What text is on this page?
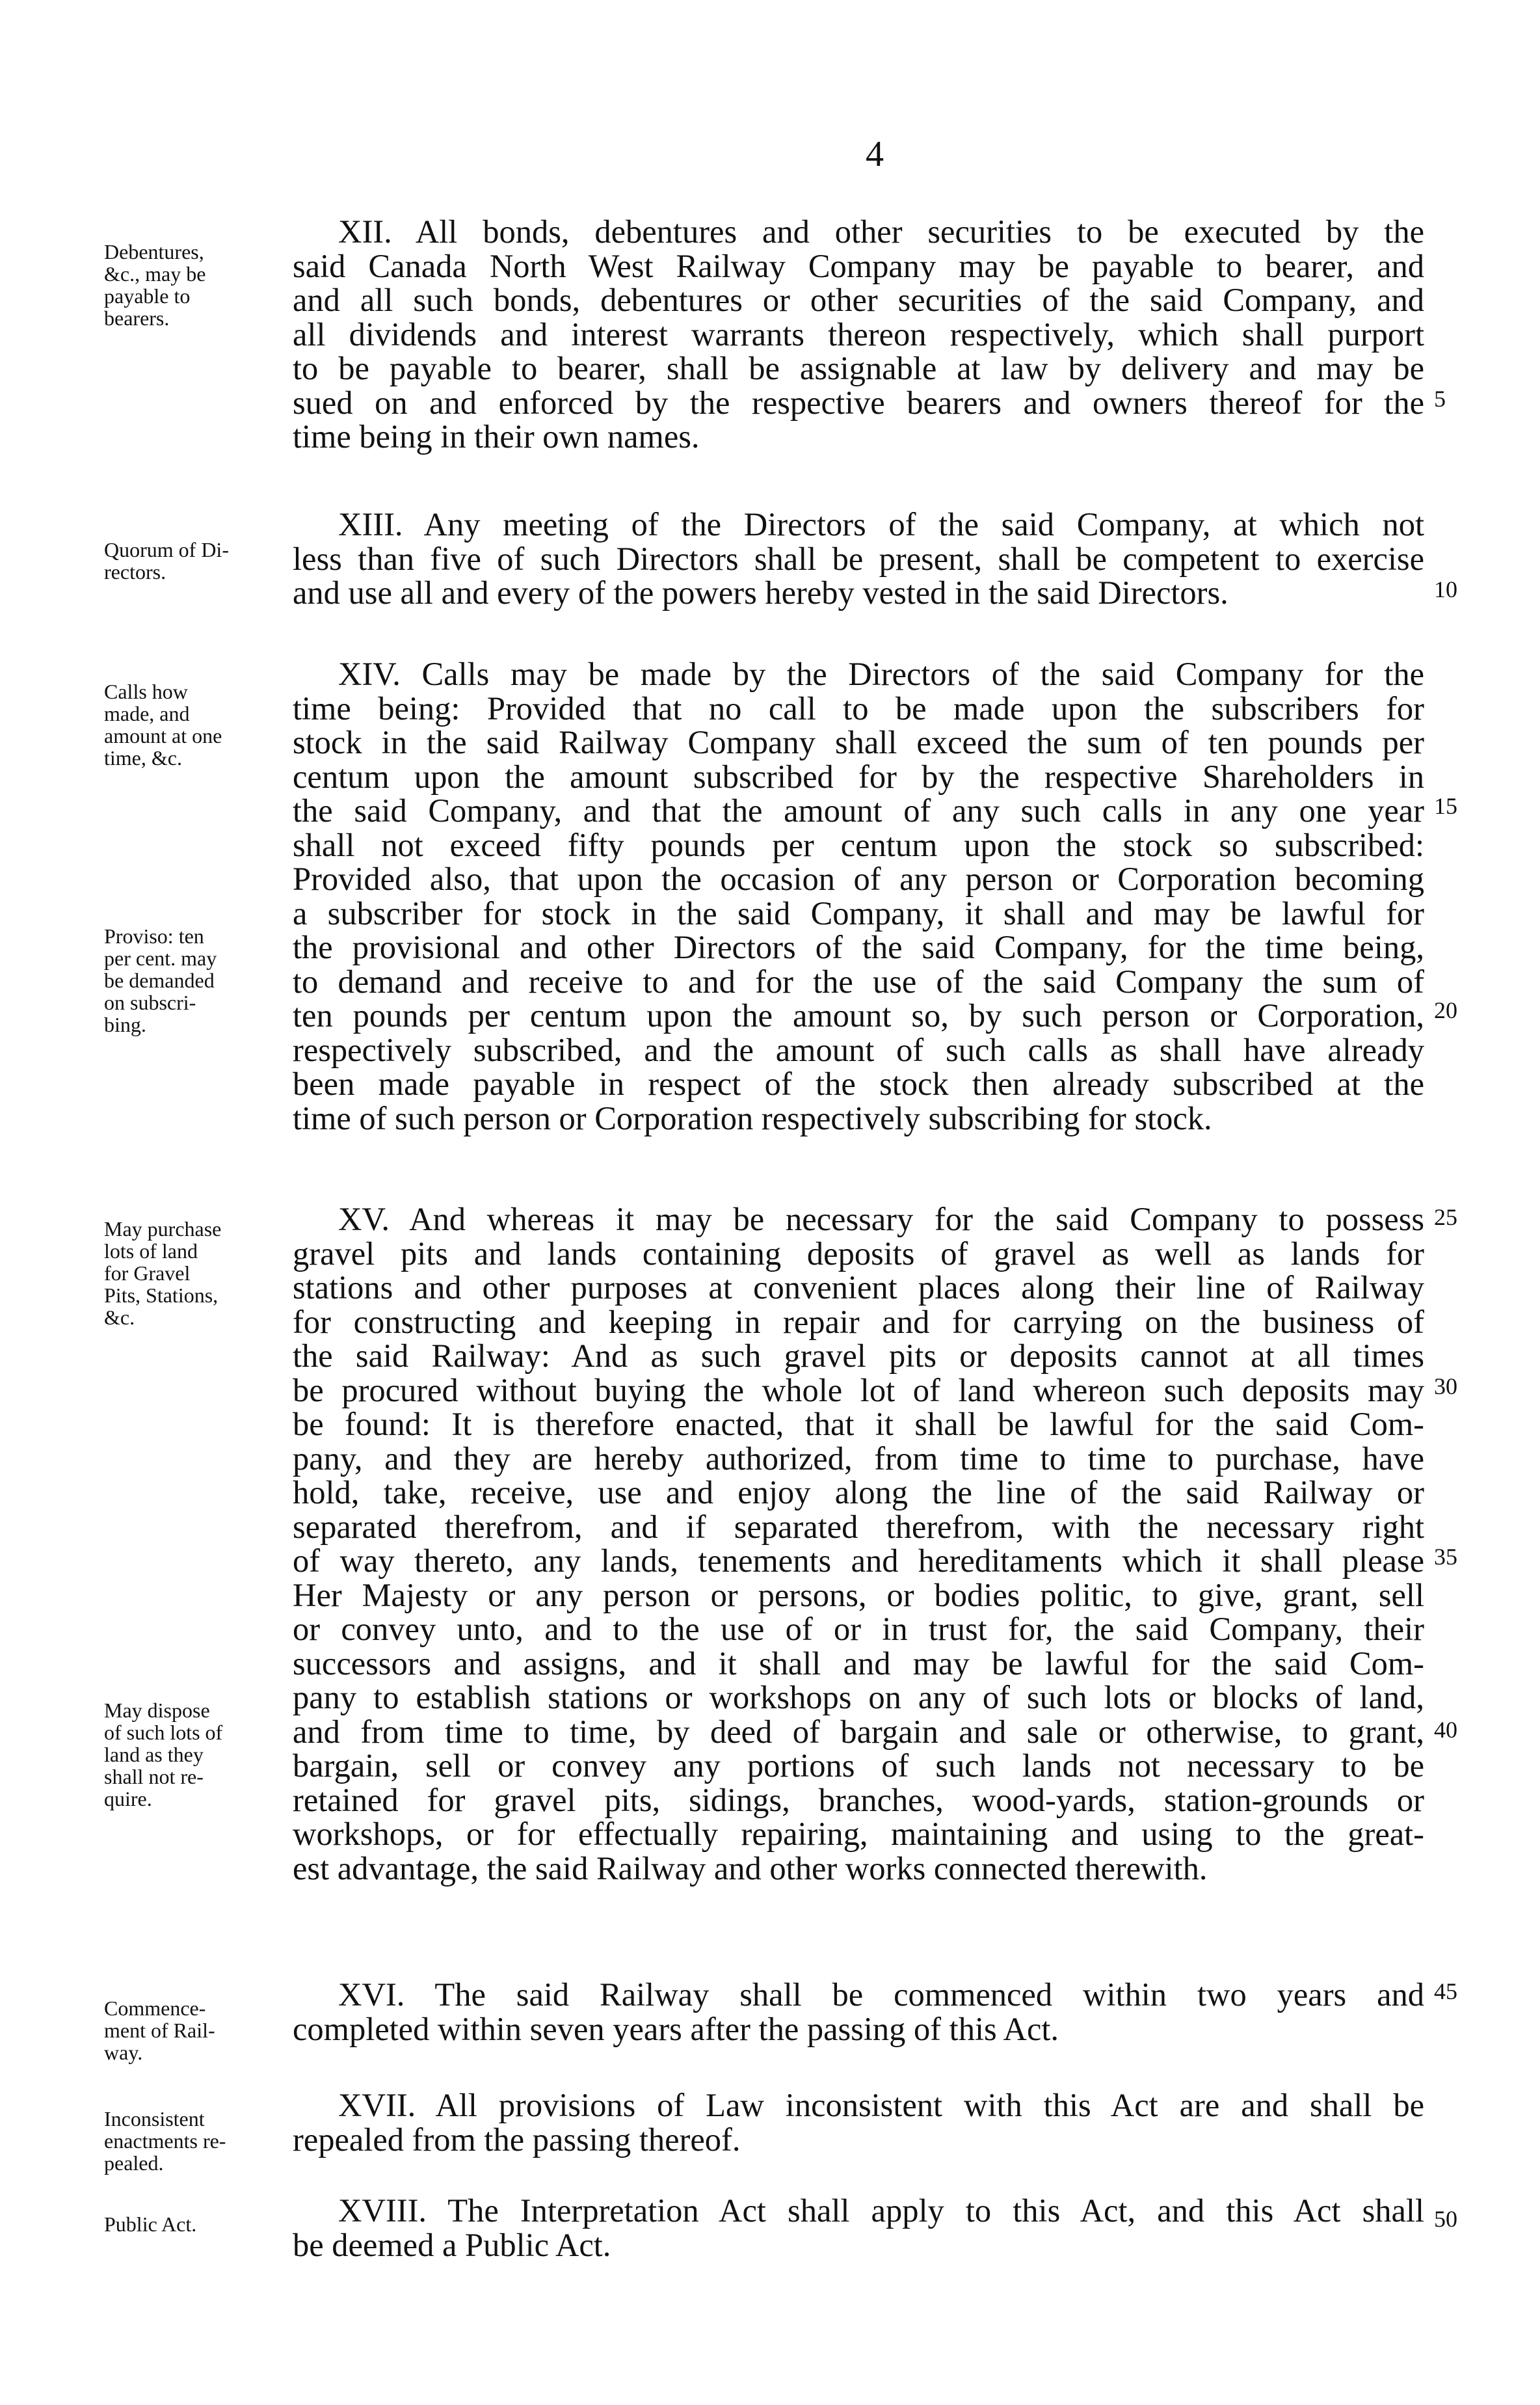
4
Debentures,
&c., may be
payable to
bearers.
Quorum of Di-
rectors.
Calls how
made, and
amount at one
time, &c.
Proviso: ten
per cent. may
be demanded
on subscri-
bing.
May purchase
lots of land
for Gravel
Pits, Stations,
&c.
May dispose
of such lots of
land as they
shall not re-
quire.
Commence-
ment of Rail-
way.
Inconsistent
enactments re-
pealed.
Public Act.
XII. All bonds, debentures and other securities to be executed by the
said Canada North West Railway Company may be payable to bearer, and
and all such bonds, debentures or other securities of the said Company, and
all dividends and interest warrants thereon respectively, which shall purport
to be payable to bearer, shall be assignable at law by delivery and may be
sued on and enforced by the respective bearers and owners thereof for the
time being in their own names.
XIII. Any meeting of the Directors of the said Company, at which not
less than five of such Directors shall be present, shall be competent to exercise
and use all and every of the powers hereby vested in the said Directors.
XIV. Calls may be made by the Directors of the said Company for the
time being: Provided that no call to be made upon the subscribers for
stock in the said Railway Company shall exceed the sum of ten pounds per
centum upon the amount subscribed for by the respective Shareholders in
the said Company, and that the amount of any such calls in any one year
shall not exceed fifty pounds per centum upon the stock so subscribed:
Provided also, that upon the occasion of any person or Corporation becoming
a subscriber for stock in the said Company, it shall and may be lawful for
the provisional and other Directors of the said Company, for the time being,
to demand and receive to and for the use of the said Company the sum of
ten pounds per centum upon the amount so, by such person or Corporation,
respectively subscribed, and the amount of such calls as shall have already
been made payable in respect of the stock then already subscribed at the
time of such person or Corporation respectively subscribing for stock.
XV. And whereas it may be necessary for the said Company to possess
gravel pits and lands containing deposits of gravel as well as lands for
stations and other purposes at convenient places along their line of Railway
for constructing and keeping in repair and for carrying on the business of
the said Railway: And as such gravel pits or deposits cannot at all times
be procured without buying the whole lot of land whereon such deposits may
be found: It is therefore enacted, that it shall be lawful for the said Com-
pany, and they are hereby authorized, from time to time to purchase, have
hold, take, receive, use and enjoy along the line of the said Railway or
separated therefrom, and if separated therefrom, with the necessary right
of way thereto, any lands, tenements and hereditaments which it shall please
Her Majesty or any person or persons, or bodies politic, to give, grant, sell
or convey unto, and to the use of or in trust for, the said Company, their
successors and assigns, and it shall and may be lawful for the said Com-
pany to establish stations or workshops on any of such lots or blocks of land,
and from time to time, by deed of bargain and sale or otherwise, to grant,
bargain, sell or convey any portions of such lands not necessary to be
retained for gravel pits, sidings, branches, wood-yards, station-grounds or
workshops, or for effectually repairing, maintaining and using to the great-
est advantage, the said Railway and other works connected therewith.
XVI. The said Railway shall be commenced within two years and
completed within seven years after the passing of this Act.
XVII. All provisions of Law inconsistent with this Act are and shall be
repealed from the passing thereof.
XVIII. The Interpretation Act shall apply to this Act, and this Act shall
be deemed a Public Act.
5
10
15
20
25
30
35
40
45
50
